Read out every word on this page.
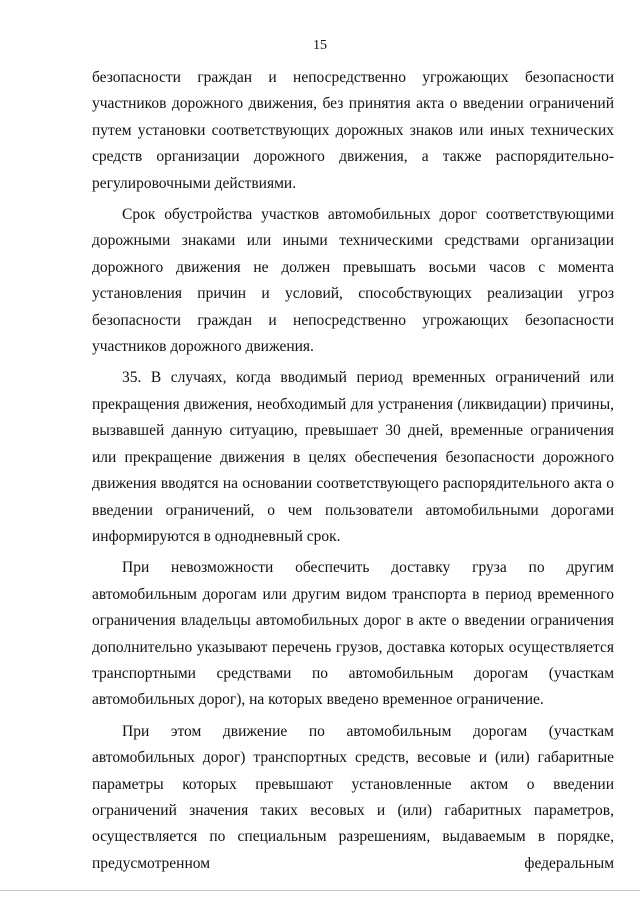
15

безопасности граждан и непосредственно угрожающих безопасности участников дорожного движения, без принятия акта о введении ограничений путем установки соответствующих дорожных знаков или иных технических средств организации дорожного движения, а также распорядительно-регулировочными действиями.

Срок обустройства участков автомобильных дорог соответствующими дорожными знаками или иными техническими средствами организации дорожного движения не должен превышать восьми часов с момента установления причин и условий, способствующих реализации угроз безопасности граждан и непосредственно угрожающих безопасности участников дорожного движения.

35. В случаях, когда вводимый период временных ограничений или прекращения движения, необходимый для устранения (ликвидации) причины, вызвавшей данную ситуацию, превышает 30 дней, временные ограничения или прекращение движения в целях обеспечения безопасности дорожного движения вводятся на основании соответствующего распорядительного акта о введении ограничений, о чем пользователи автомобильными дорогами информируются в однодневный срок.

При невозможности обеспечить доставку груза по другим автомобильным дорогам или другим видом транспорта в период временного ограничения владельцы автомобильных дорог в акте о введении ограничения дополнительно указывают перечень грузов, доставка которых осуществляется транспортными средствами по автомобильным дорогам (участкам автомобильных дорог), на которых введено временное ограничение.

При этом движение по автомобильным дорогам (участкам автомобильных дорог) транспортных средств, весовые и (или) габаритные параметры которых превышают установленные актом о введении ограничений значения таких весовых и (или) габаритных параметров, осуществляется по специальным разрешениям, выдаваемым в порядке, предусмотренном федеральным
